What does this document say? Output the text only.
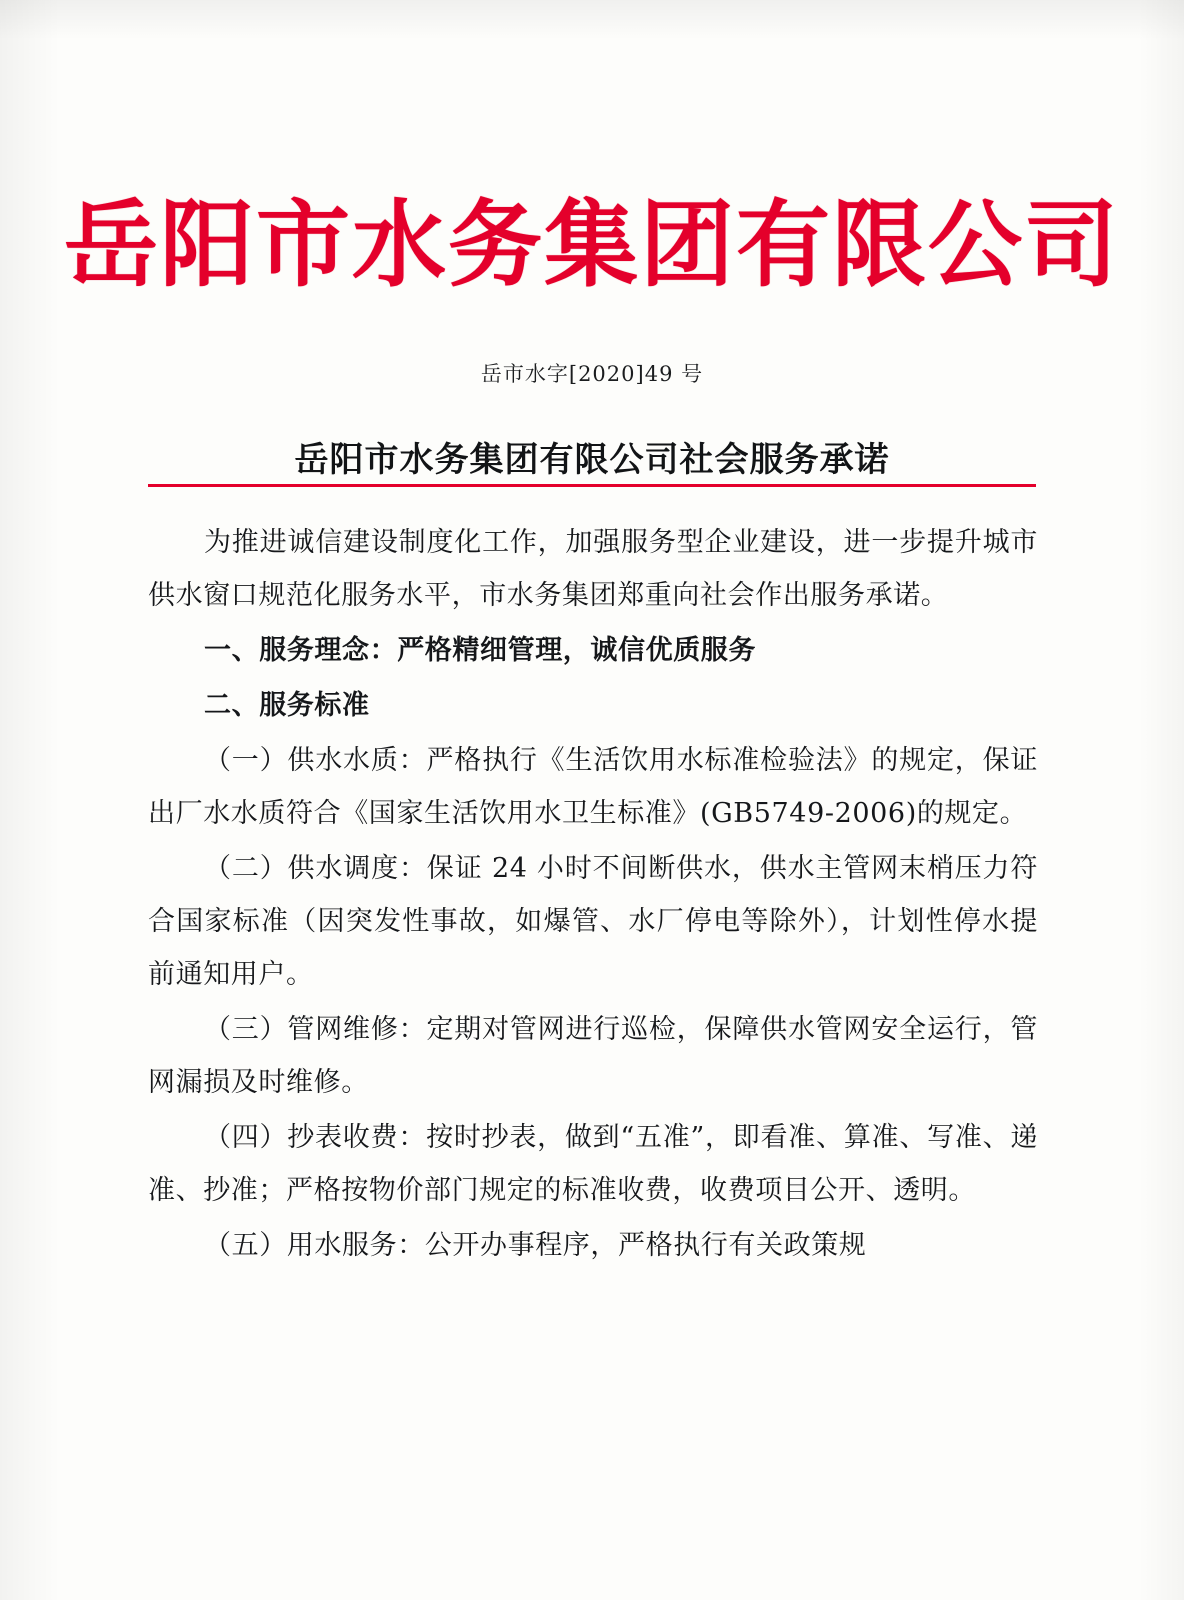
岳阳市水务集团有限公司
岳市水字[2020]49 号
岳阳市水务集团有限公司社会服务承诺

为推进诚信建设制度化工作，加强服务型企业建设，进一步提升城市供水窗口规范化服务水平，市水务集团郑重向社会作出服务承诺。

一、服务理念：严格精细管理，诚信优质服务

二、服务标准

（一）供水水质：严格执行《生活饮用水标准检验法》的规定，保证出厂水水质符合《国家生活饮用水卫生标准》(GB5749-2006)的规定。

（二）供水调度：保证 24 小时不间断供水，供水主管网末梢压力符合国家标准（因突发性事故，如爆管、水厂停电等除外），计划性停水提前通知用户。

（三）管网维修：定期对管网进行巡检，保障供水管网安全运行，管网漏损及时维修。

（四）抄表收费：按时抄表，做到“五准”，即看准、算准、写准、递准、抄准；严格按物价部门规定的标准收费，收费项目公开、透明。

（五）用水服务：公开办事程序，严格执行有关政策规
